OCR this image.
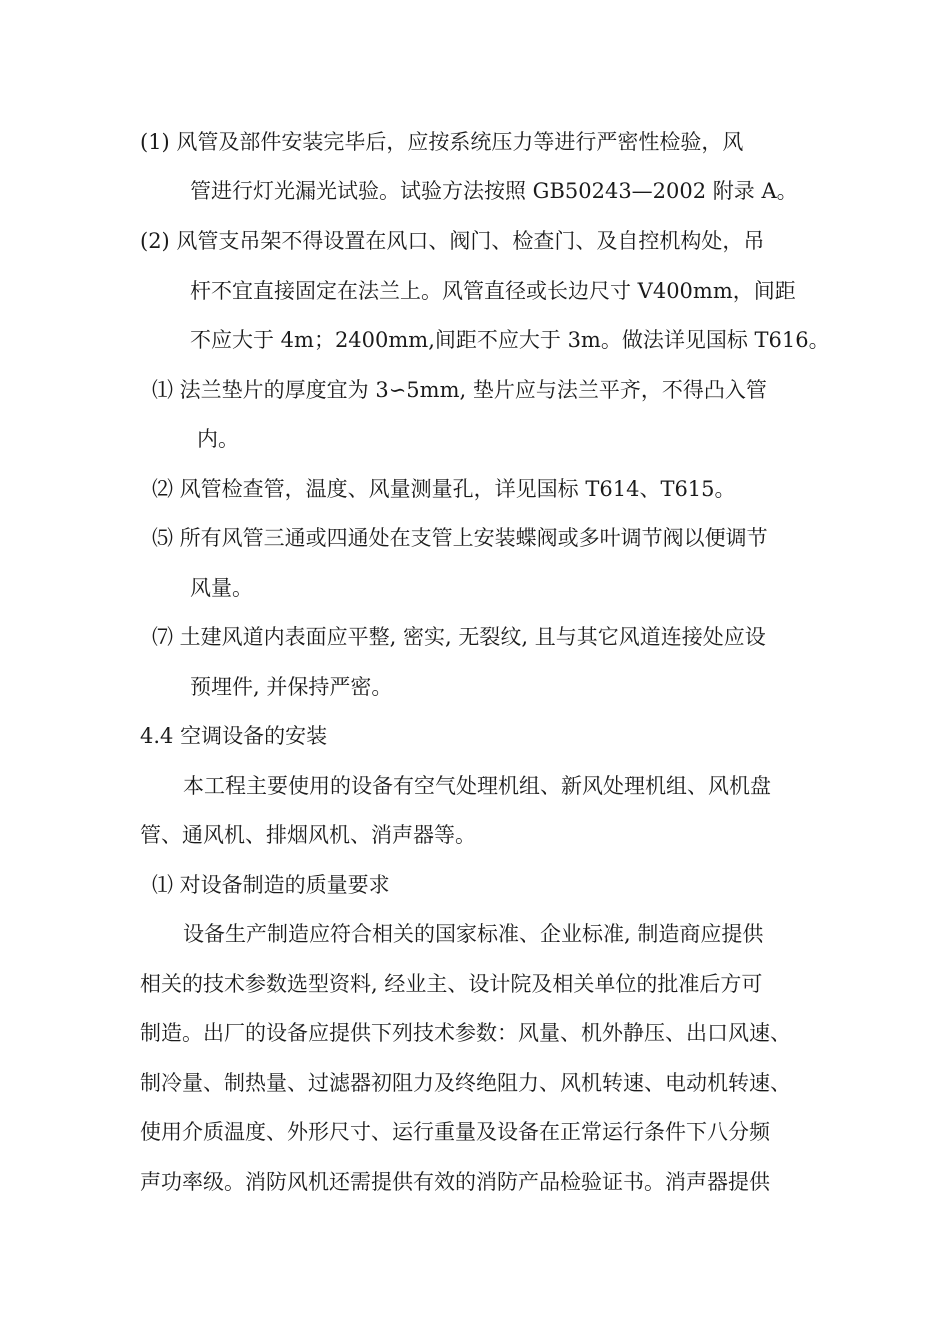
(1) 风管及部件安装完毕后，应按系统压力等进行严密性检验，风
管进行灯光漏光试验。试验方法按照 GB50243—2002 附录 A。
(2) 风管支吊架不得设置在风口、阀门、检查门、及自控机构处，吊
杆不宜直接固定在法兰上。风管直径或长边尺寸 V400mm，间距
不应大于 4m；2400mm,间距不应大于 3m。做法详见国标 T616。
⑴ 法兰垫片的厚度宜为 3∽5mm, 垫片应与法兰平齐，不得凸入管
内。
⑵ 风管检查管，温度、风量测量孔，详见国标 T614、T615。
⑸ 所有风管三通或四通处在支管上安装蝶阀或多叶调节阀以便调节
风量。
⑺ 土建风道内表面应平整, 密实, 无裂纹, 且与其它风道连接处应设
预埋件, 并保持严密。
4.4 空调设备的安装
本工程主要使用的设备有空气处理机组、新风处理机组、风机盘
管、通风机、排烟风机、消声器等。
⑴ 对设备制造的质量要求
设备生产制造应符合相关的国家标准、企业标准, 制造商应提供
相关的技术参数选型资料, 经业主、设计院及相关单位的批准后方可
制造。出厂的设备应提供下列技术参数：风量、机外静压、出口风速、
制冷量、制热量、过滤器初阻力及终绝阻力、风机转速、电动机转速、
使用介质温度、外形尺寸、运行重量及设备在正常运行条件下八分频
声功率级。消防风机还需提供有效的消防产品检验证书。消声器提供
